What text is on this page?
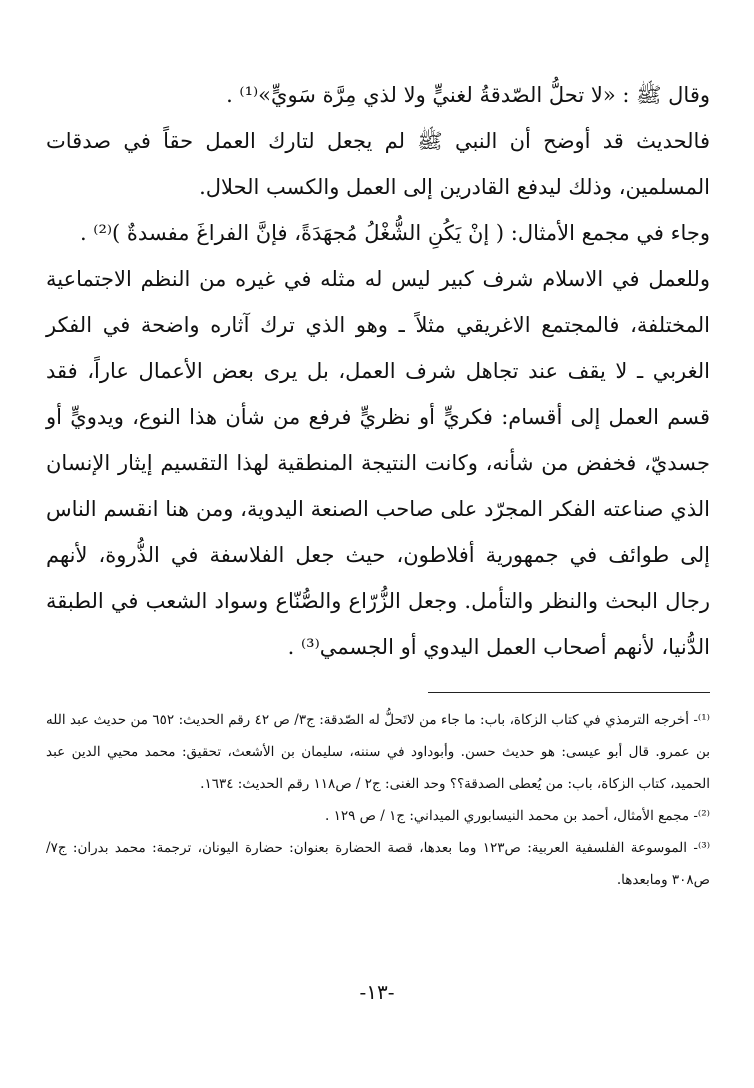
وقال ﷺ : «لا تحلُّ الصّدقةُ لغنيٍّ ولا لذي مِرَّة سَويٍّ»⁽¹⁾ .

فالحديث قد أوضح أن النبي ﷺ لم يجعل لتارك العمل حقاً في صدقات المسلمين، وذلك ليدفع القادرين إلى العمل والكسب الحلال.

وجاء في مجمع الأمثال: ( إنْ يَكُنِ الشُّغْلُ مُجهَدَةً، فإنَّ الفراغَ مفسدةٌ )⁽²⁾ .

وللعمل في الاسلام شرف كبير ليس له مثله في غيره من النظم الاجتماعية المختلفة، فالمجتمع الاغريقي مثلاً ـ وهو الذي ترك آثاره واضحة في الفكر الغربي ـ لا يقف عند تجاهل شرف العمل، بل يرى بعض الأعمال عاراً، فقد قسم العمل إلى أقسام: فكريٍّ أو نظريٍّ فرفع من شأن هذا النوع، ويدويٍّ أو جسديّ، فخفض من شأنه، وكانت النتيجة المنطقية لهذا التقسيم إيثار الإنسان الذي صناعته الفكر المجرّد على صاحب الصنعة اليدوية، ومن هنا انقسم الناس إلى طوائف في جمهورية أفلاطون، حيث جعل الفلاسفة في الذُّروة، لأنهم رجال البحث والنظر والتأمل. وجعل الزُّرّاع والصُّنّاع وسواد الشعب في الطبقة الدُّنيا، لأنهم أصحاب العمل اليدوي أو الجسمي⁽³⁾ .

⁽¹⁾- أخرجه الترمذي في كتاب الزكاة، باب: ما جاء من لاتَحلُّ له الصّدقة: ج٣/ ص ٤٢ رقم الحديث: ٦٥٢ من حديث عبد الله بن عمرو. قال أبو عيسى: هو حديث حسن. وأبوداود في سننه، سليمان بن الأشعث، تحقيق: محمد محيي الدين عبد الحميد، كتاب الزكاة، باب: من يُعطى الصدقة؟؟ وحد الغنى: ج٢ / ص١١٨ رقم الحديث: ١٦٣٤.

⁽²⁾- مجمع الأمثال، أحمد بن محمد النيسابوري الميداني: ج١ / ص ١٢٩ .

⁽³⁾- الموسوعة الفلسفية العربية: ص١٢٣ وما بعدها، قصة الحضارة بعنوان: حضارة اليونان، ترجمة: محمد بدران: ج٧/ ص٣٠٨ ومابعدها.

-١٣-
